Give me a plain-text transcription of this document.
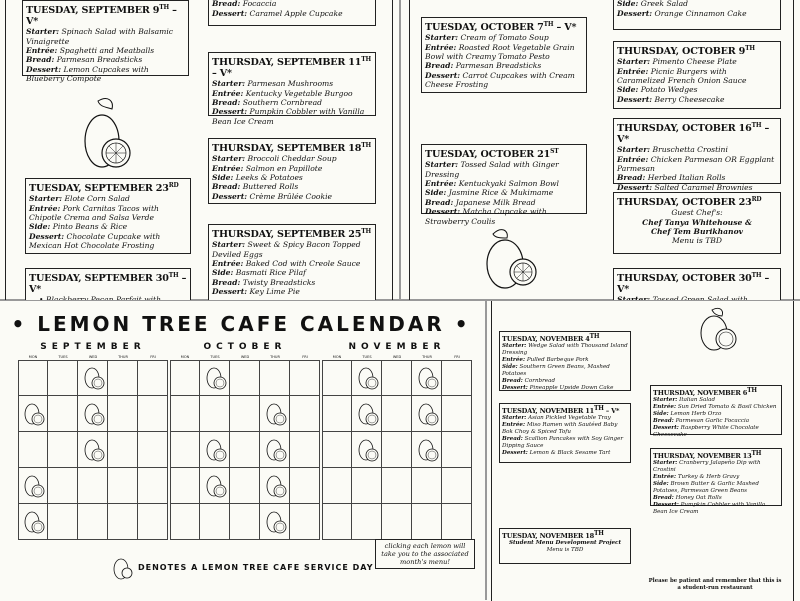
TUESDAY, SEPTEMBER 9TH – V*
Starter: Spinach Salad with Balsamic Vinaigrette
Entrée: Spaghetti and Meatballs
Bread: Parmesan Breadsticks
Dessert: Lemon Cupcakes with Blueberry Compote
Bread: Focaccia
Dessert: Caramel Apple Cupcake
THURSDAY, SEPTEMBER 11TH – V*
Starter: Parmesan Mushrooms
Entrée: Kentucky Vegetable Burgoo
Bread: Southern Cornbread
Dessert: Pumpkin Cobbler with Vanilla Bean Ice Cream
THURSDAY, SEPTEMBER 18TH
Starter: Broccoli Cheddar Soup
Entrée: Salmon en Papillote
Side: Leeks & Potatoes
Bread: Buttered Rolls
Dessert: Crème Brûlée Cookie
TUESDAY, SEPTEMBER 23RD
Starter: Elote Corn Salad
Entrée: Pork Carnitas Tacos with Chipotle Crema and Salsa Verde
Side: Pinto Beans & Rice
Dessert: Chocolate Cupcake with Mexican Hot Chocolate Frosting
THURSDAY, SEPTEMBER 25TH
Starter: Sweet & Spicy Bacon Topped Deviled Eggs
Entrée: Baked Cod with Creole Sauce
Side: Basmati Rice Pilaf
Bread: Twisty Breadsticks
Dessert: Key Lime Pie
TUESDAY, SEPTEMBER 30TH – V*
Side: Greek Salad
Dessert: Orange Cinnamon Cake
TUESDAY, OCTOBER 7TH – V*
Starter: Cream of Tomato Soup
Entrée: Roasted Root Vegetable Grain Bowl with Creamy Tomato Pesto
Bread: Parmesan Breadsticks
Dessert: Carrot Cupcakes with Cream Cheese Frosting
THURSDAY, OCTOBER 9TH
Starter: Pimento Cheese Plate
Entrée: Picnic Burgers with Caramelized French Onion Sauce
Side: Potato Wedges
Dessert: Berry Cheesecake
THURSDAY, OCTOBER 16TH – V*
Starter: Bruschetta Crostini
Entrée: Chicken Parmesan OR Eggplant Parmesan
Bread: Herbed Italian Rolls
Dessert: Salted Caramel Brownies
TUESDAY, OCTOBER 21ST
Starter: Tossed Salad with Ginger Dressing
Entrée: Kentuckyaki Salmon Bowl
Side: Jasmine Rice & Mukimame
Bread: Japanese Milk Bread
Dessert: Matcha Cupcake with Strawberry Coulis
THURSDAY, OCTOBER 23RD
Guest Chef's:
Chef Tanya Whitehouse &
Chef Tem Burikhanov
Menu is TBD
THURSDAY, OCTOBER 30TH – V*
• LEMON TREE CAFE CALENDAR •
SEPTEMBER
MON	TUES	WED	THUR	FRI
OCTOBER
MON	TUES	WED	THUR	FRI
NOVEMBER
MON	TUES	WED	THUR	FRI
DENOTES A LEMON TREE CAFE SERVICE DAY
clicking each lemon will take you to the associated month's menu!
TUESDAY, NOVEMBER 4TH
Starter: Wedge Salad with Thousand Island Dressing
Entrée: Pulled Barbeque Pork
Side: Southern Green Beans, Mashed Potatoes
Bread: Cornbread
Dessert: Pineapple Upside Down Cake
THURSDAY, NOVEMBER 6TH
Starter: Italian Salad
Entrée: Sun Dried Tomato & Basil Chicken
Side: Lemon Herb Orzo
Bread: Parmesan Garlic Focaccia
Dessert: Raspberry White Chocolate Cheesecake
TUESDAY, NOVEMBER 11TH – V*
Starter: Asian Pickled Vegetable Tray
Entrée: Miso Ramen with Sautéed Baby Bok Choy & Spiced Tofu
Bread: Scallion Pancakes with Soy Ginger Dipping Sauce
Dessert: Lemon & Black Sesame Tart	THURSDAY, NOVEMBER 13TH
Starter: Cranberry Jalapeño Dip with Crostini
Entrée: Turkey & Herb Gravy
Side: Brown Butter & Garlic Mashed Potatoes, Parmesan Green Beans
Bread: Honey Oat Rolls
Dessert: Pumpkin Cobbler with Vanilla Bean Ice Cream
TUESDAY, NOVEMBER 18TH
Student Menu Development Project
Menu is TBD
Please be patient and remember that this is a student-run restaurant
